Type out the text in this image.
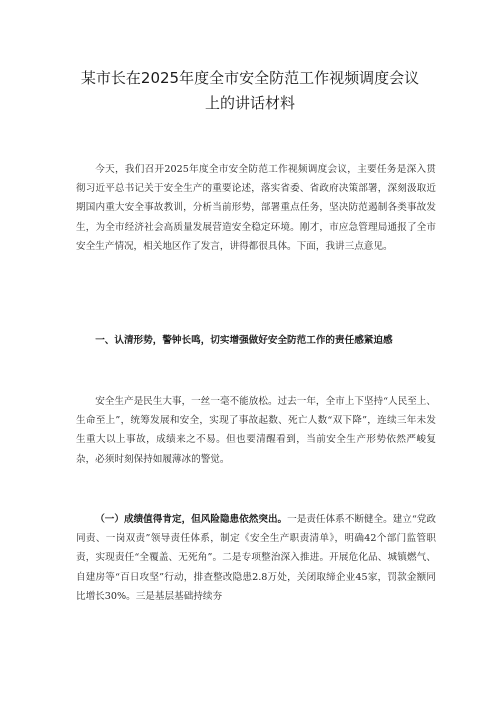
某市长在2025年度全市安全防范工作视频调度会议
上的讲话材料

今天，我们召开2025年度全市安全防范工作视频调度会议，主要任务是深入贯彻习近平总书记关于安全生产的重要论述，落实省委、省政府决策部署，深刻汲取近期国内重大安全事故教训，分析当前形势，部署重点任务，坚决防范遏制各类事故发生，为全市经济社会高质量发展营造安全稳定环境。刚才，市应急管理局通报了全市安全生产情况，相关地区作了发言，讲得都很具体。下面，我讲三点意见。

一、认清形势，警钟长鸣，切实增强做好安全防范工作的责任感紧迫感

安全生产是民生大事，一丝一毫不能放松。过去一年，全市上下坚持“人民至上、生命至上”，统筹发展和安全，实现了事故起数、死亡人数“双下降”，连续三年未发生重大以上事故，成绩来之不易。但也要清醒看到，当前安全生产形势依然严峻复杂，必须时刻保持如履薄冰的警觉。

（一）成绩值得肯定，但风险隐患依然突出。一是责任体系不断健全。建立“党政同责、一岗双责”领导责任体系，制定《安全生产职责清单》，明确42个部门监管职责，实现责任“全覆盖、无死角”。二是专项整治深入推进。开展危化品、城镇燃气、自建房等“百日攻坚”行动，排查整改隐患2.8万处，关闭取缔企业45家，罚款金额同比增长30%。三是基层基础持续夯
